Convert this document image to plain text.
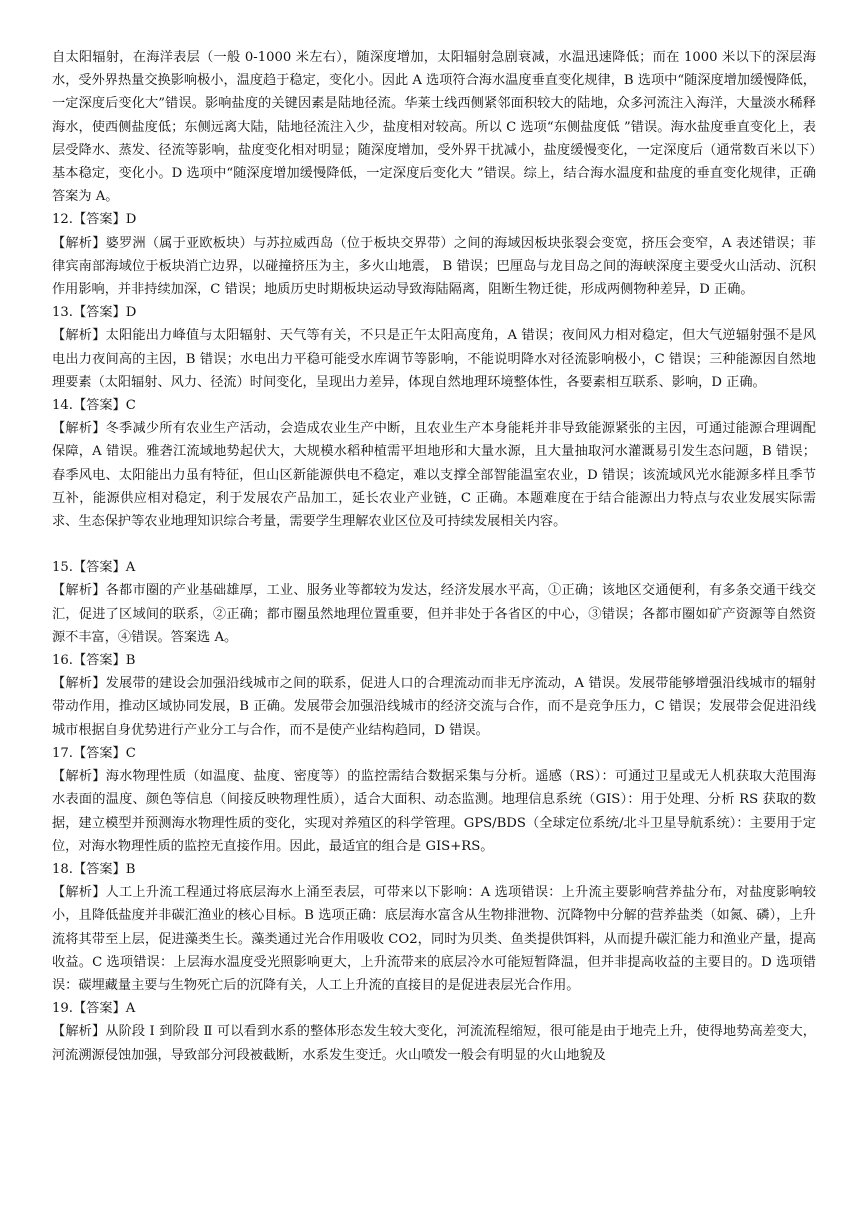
自太阳辐射，在海洋表层（一般 0-1000 米左右），随深度增加，太阳辐射急剧衰减，水温迅速降低；而在 1000 米以下的深层海水，受外界热量交换影响极小，温度趋于稳定，变化小。因此 A 选项符合海水温度垂直变化规律，B 选项中“随深度增加缓慢降低，一定深度后变化大”错误。影响盐度的关键因素是陆地径流。华莱士线西侧紧邻面积较大的陆地，众多河流注入海洋，大量淡水稀释海水，使西侧盐度低；东侧远离大陆，陆地径流注入少，盐度相对较高。所以 C 选项“东侧盐度低 ”错误。海水盐度垂直变化上，表层受降水、蒸发、径流等影响，盐度变化相对明显；随深度增加，受外界干扰减小，盐度缓慢变化，一定深度后（通常数百米以下）基本稳定，变化小。D 选项中“随深度增加缓慢降低，一定深度后变化大 ”错误。综上，结合海水温度和盐度的垂直变化规律，正确答案为 A。

12.【答案】D

【解析】婆罗洲（属于亚欧板块）与苏拉威西岛（位于板块交界带）之间的海域因板块张裂会变宽，挤压会变窄，A 表述错误；菲律宾南部海域位于板块消亡边界，以碰撞挤压为主，多火山地震， B 错误；巴厘岛与龙目岛之间的海峡深度主要受火山活动、沉积作用影响，并非持续加深，C 错误；地质历史时期板块运动导致海陆隔离，阻断生物迁徙，形成两侧物种差异，D 正确。

13.【答案】D

【解析】太阳能出力峰值与太阳辐射、天气等有关，不只是正午太阳高度角，A 错误；夜间风力相对稳定，但大气逆辐射强不是风电出力夜间高的主因，B 错误；水电出力平稳可能受水库调节等影响，不能说明降水对径流影响极小，C 错误；三种能源因自然地理要素（太阳辐射、风力、径流）时间变化，呈现出力差异，体现自然地理环境整体性，各要素相互联系、影响，D 正确。

14.【答案】C

【解析】冬季减少所有农业生产活动，会造成农业生产中断，且农业生产本身能耗并非导致能源紧张的主因，可通过能源合理调配保障，A 错误。雅砻江流域地势起伏大，大规模水稻种植需平坦地形和大量水源，且大量抽取河水灌溉易引发生态问题，B 错误；春季风电、太阳能出力虽有特征，但山区新能源供电不稳定，难以支撑全部智能温室农业，D 错误；该流域风光水能源多样且季节互补，能源供应相对稳定，利于发展农产品加工，延长农业产业链，C 正确。本题难度在于结合能源出力特点与农业发展实际需求、生态保护等农业地理知识综合考量，需要学生理解农业区位及可持续发展相关内容。

15.【答案】A

【解析】各都市圈的产业基础雄厚，工业、服务业等都较为发达，经济发展水平高，①正确；该地区交通便利，有多条交通干线交汇，促进了区域间的联系，②正确；都市圈虽然地理位置重要，但并非处于各省区的中心，③错误；各都市圈如矿产资源等自然资源不丰富，④错误。答案选 A。

16.【答案】B

【解析】发展带的建设会加强沿线城市之间的联系，促进人口的合理流动而非无序流动，A 错误。发展带能够增强沿线城市的辐射带动作用，推动区域协同发展，B 正确。发展带会加强沿线城市的经济交流与合作，而不是竞争压力，C 错误；发展带会促进沿线城市根据自身优势进行产业分工与合作，而不是使产业结构趋同，D 错误。

17.【答案】C

【解析】海水物理性质（如温度、盐度、密度等）的监控需结合数据采集与分析。遥感（RS）：可通过卫星或无人机获取大范围海水表面的温度、颜色等信息（间接反映物理性质），适合大面积、动态监测。地理信息系统（GIS）：用于处理、分析 RS 获取的数据，建立模型并预测海水物理性质的变化，实现对养殖区的科学管理。GPS/BDS（全球定位系统/北斗卫星导航系统）：主要用于定位，对海水物理性质的监控无直接作用。因此，最适宜的组合是 GIS+RS。

18.【答案】B

【解析】人工上升流工程通过将底层海水上涌至表层，可带来以下影响：A 选项错误：上升流主要影响营养盐分布，对盐度影响较小，且降低盐度并非碳汇渔业的核心目标。B 选项正确：底层海水富含从生物排泄物、沉降物中分解的营养盐类（如氮、磷），上升流将其带至上层，促进藻类生长。藻类通过光合作用吸收 CO2，同时为贝类、鱼类提供饵料，从而提升碳汇能力和渔业产量，提高收益。C 选项错误：上层海水温度受光照影响更大，上升流带来的底层冷水可能短暂降温，但并非提高收益的主要目的。D 选项错误：碳埋藏量主要与生物死亡后的沉降有关，人工上升流的直接目的是促进表层光合作用。

19.【答案】A

【解析】从阶段 Ⅰ 到阶段 Ⅱ 可以看到水系的整体形态发生较大变化，河流流程缩短，很可能是由于地壳上升，使得地势高差变大，河流溯源侵蚀加强，导致部分河段被截断，水系发生变迁。火山喷发一般会有明显的火山地貌及
